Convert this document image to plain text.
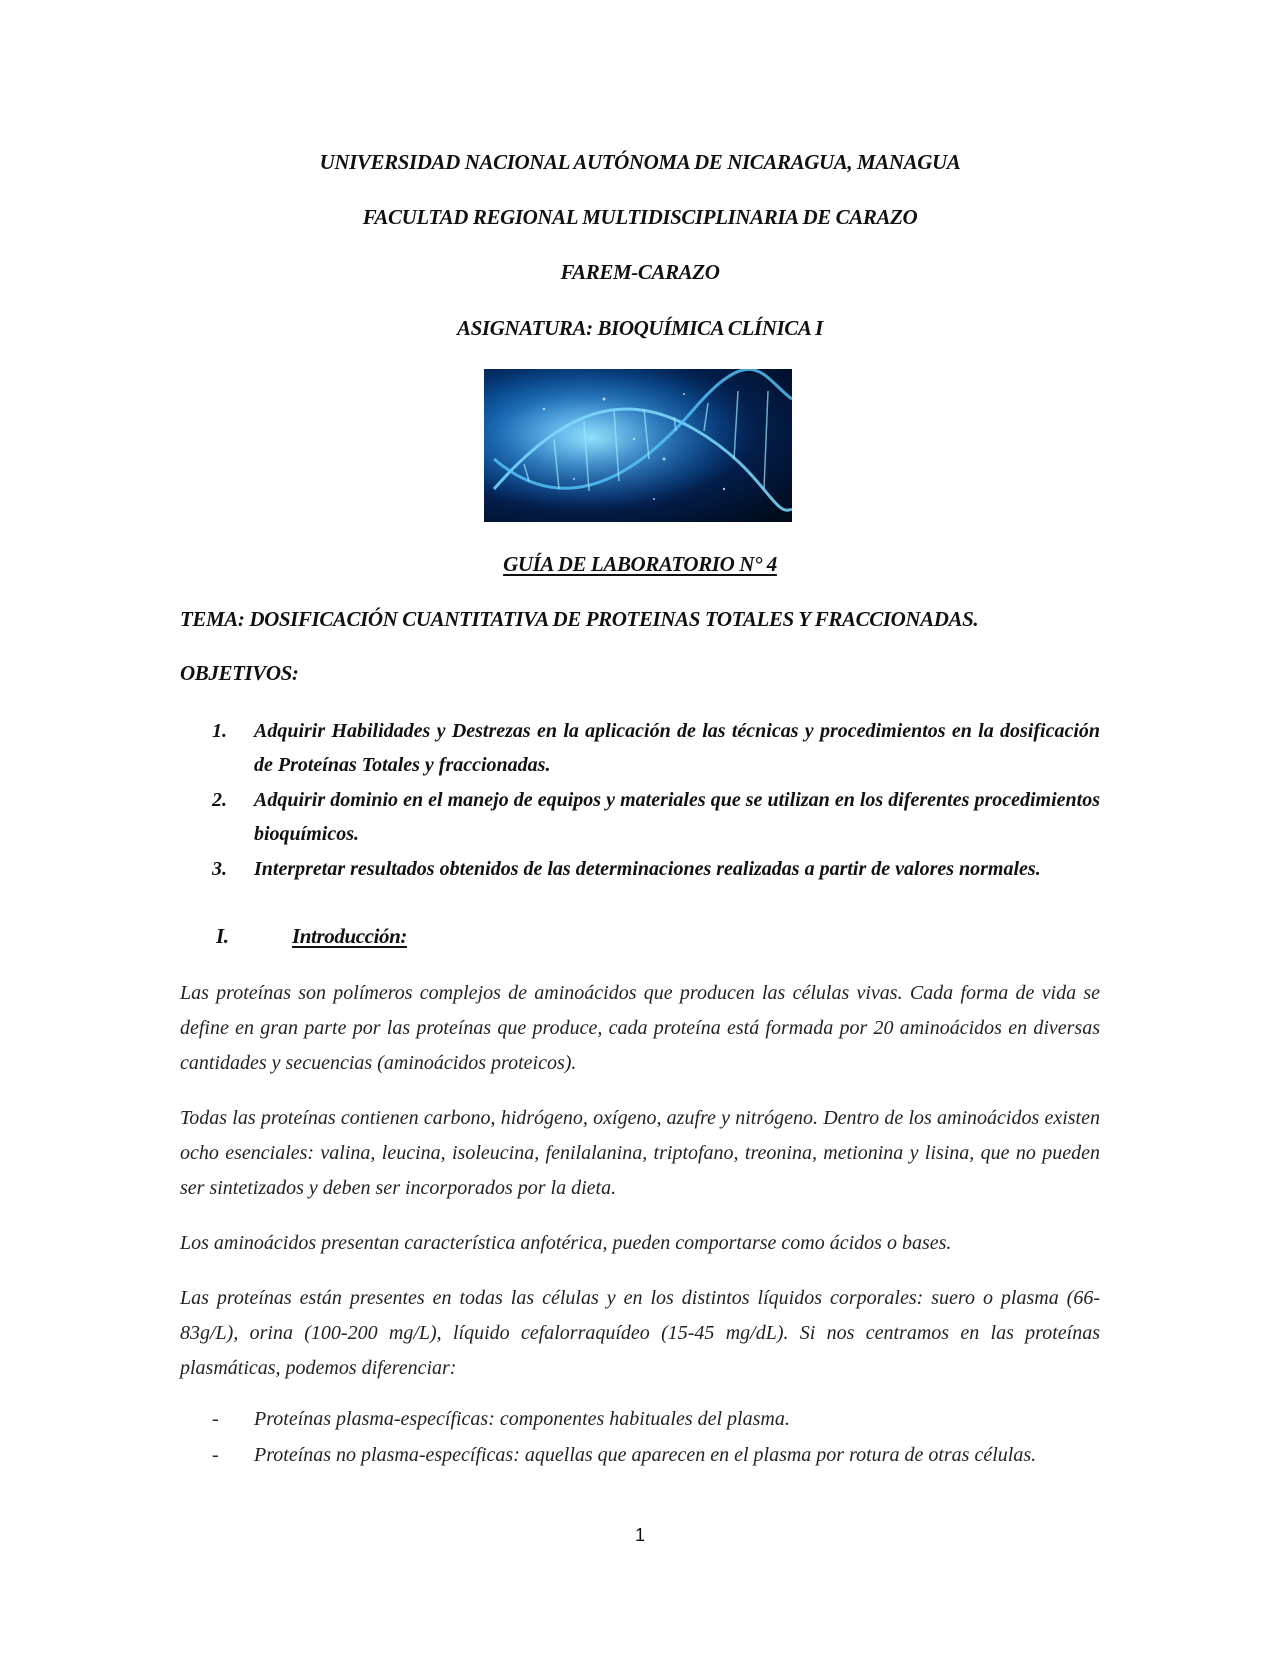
UNIVERSIDAD NACIONAL AUTÓNOMA DE NICARAGUA, MANAGUA
FACULTAD REGIONAL MULTIDISCIPLINARIA DE CARAZO
FAREM-CARAZO
ASIGNATURA: BIOQUÍMICA CLÍNICA I
GUÍA DE LABORATORIO N° 4
TEMA: DOSIFICACIÓN CUANTITATIVA DE PROTEINAS TOTALES Y FRACCIONADAS.
OBJETIVOS:
1. Adquirir Habilidades y Destrezas en la aplicación de las técnicas y procedimientos en la dosificación de Proteínas Totales y fraccionadas.
2. Adquirir dominio en el manejo de equipos y materiales que se utilizan en los diferentes procedimientos bioquímicos.
3. Interpretar resultados obtenidos de las determinaciones realizadas a partir de valores normales.
I.	Introducción:
Las proteínas son polímeros complejos de aminoácidos que producen las células vivas. Cada forma de vida se define en gran parte por las proteínas que produce, cada proteína está formada por 20 aminoácidos en diversas cantidades y secuencias (aminoácidos proteicos).
Todas las proteínas contienen carbono, hidrógeno, oxígeno, azufre y nitrógeno. Dentro de los aminoácidos existen ocho esenciales: valina, leucina, isoleucina, fenilalanina, triptofano, treonina, metionina y lisina, que no pueden ser sintetizados y deben ser incorporados por la dieta.
Los aminoácidos presentan característica anfotérica, pueden comportarse como ácidos o bases.
Las proteínas están presentes en todas las células y en los distintos líquidos corporales: suero o plasma (66-83g/L), orina (100-200 mg/L), líquido cefalorraquídeo (15-45 mg/dL). Si nos centramos en las proteínas plasmáticas, podemos diferenciar:
- Proteínas plasma-específicas: componentes habituales del plasma.
- Proteínas no plasma-específicas: aquellas que aparecen en el plasma por rotura de otras células.
1
